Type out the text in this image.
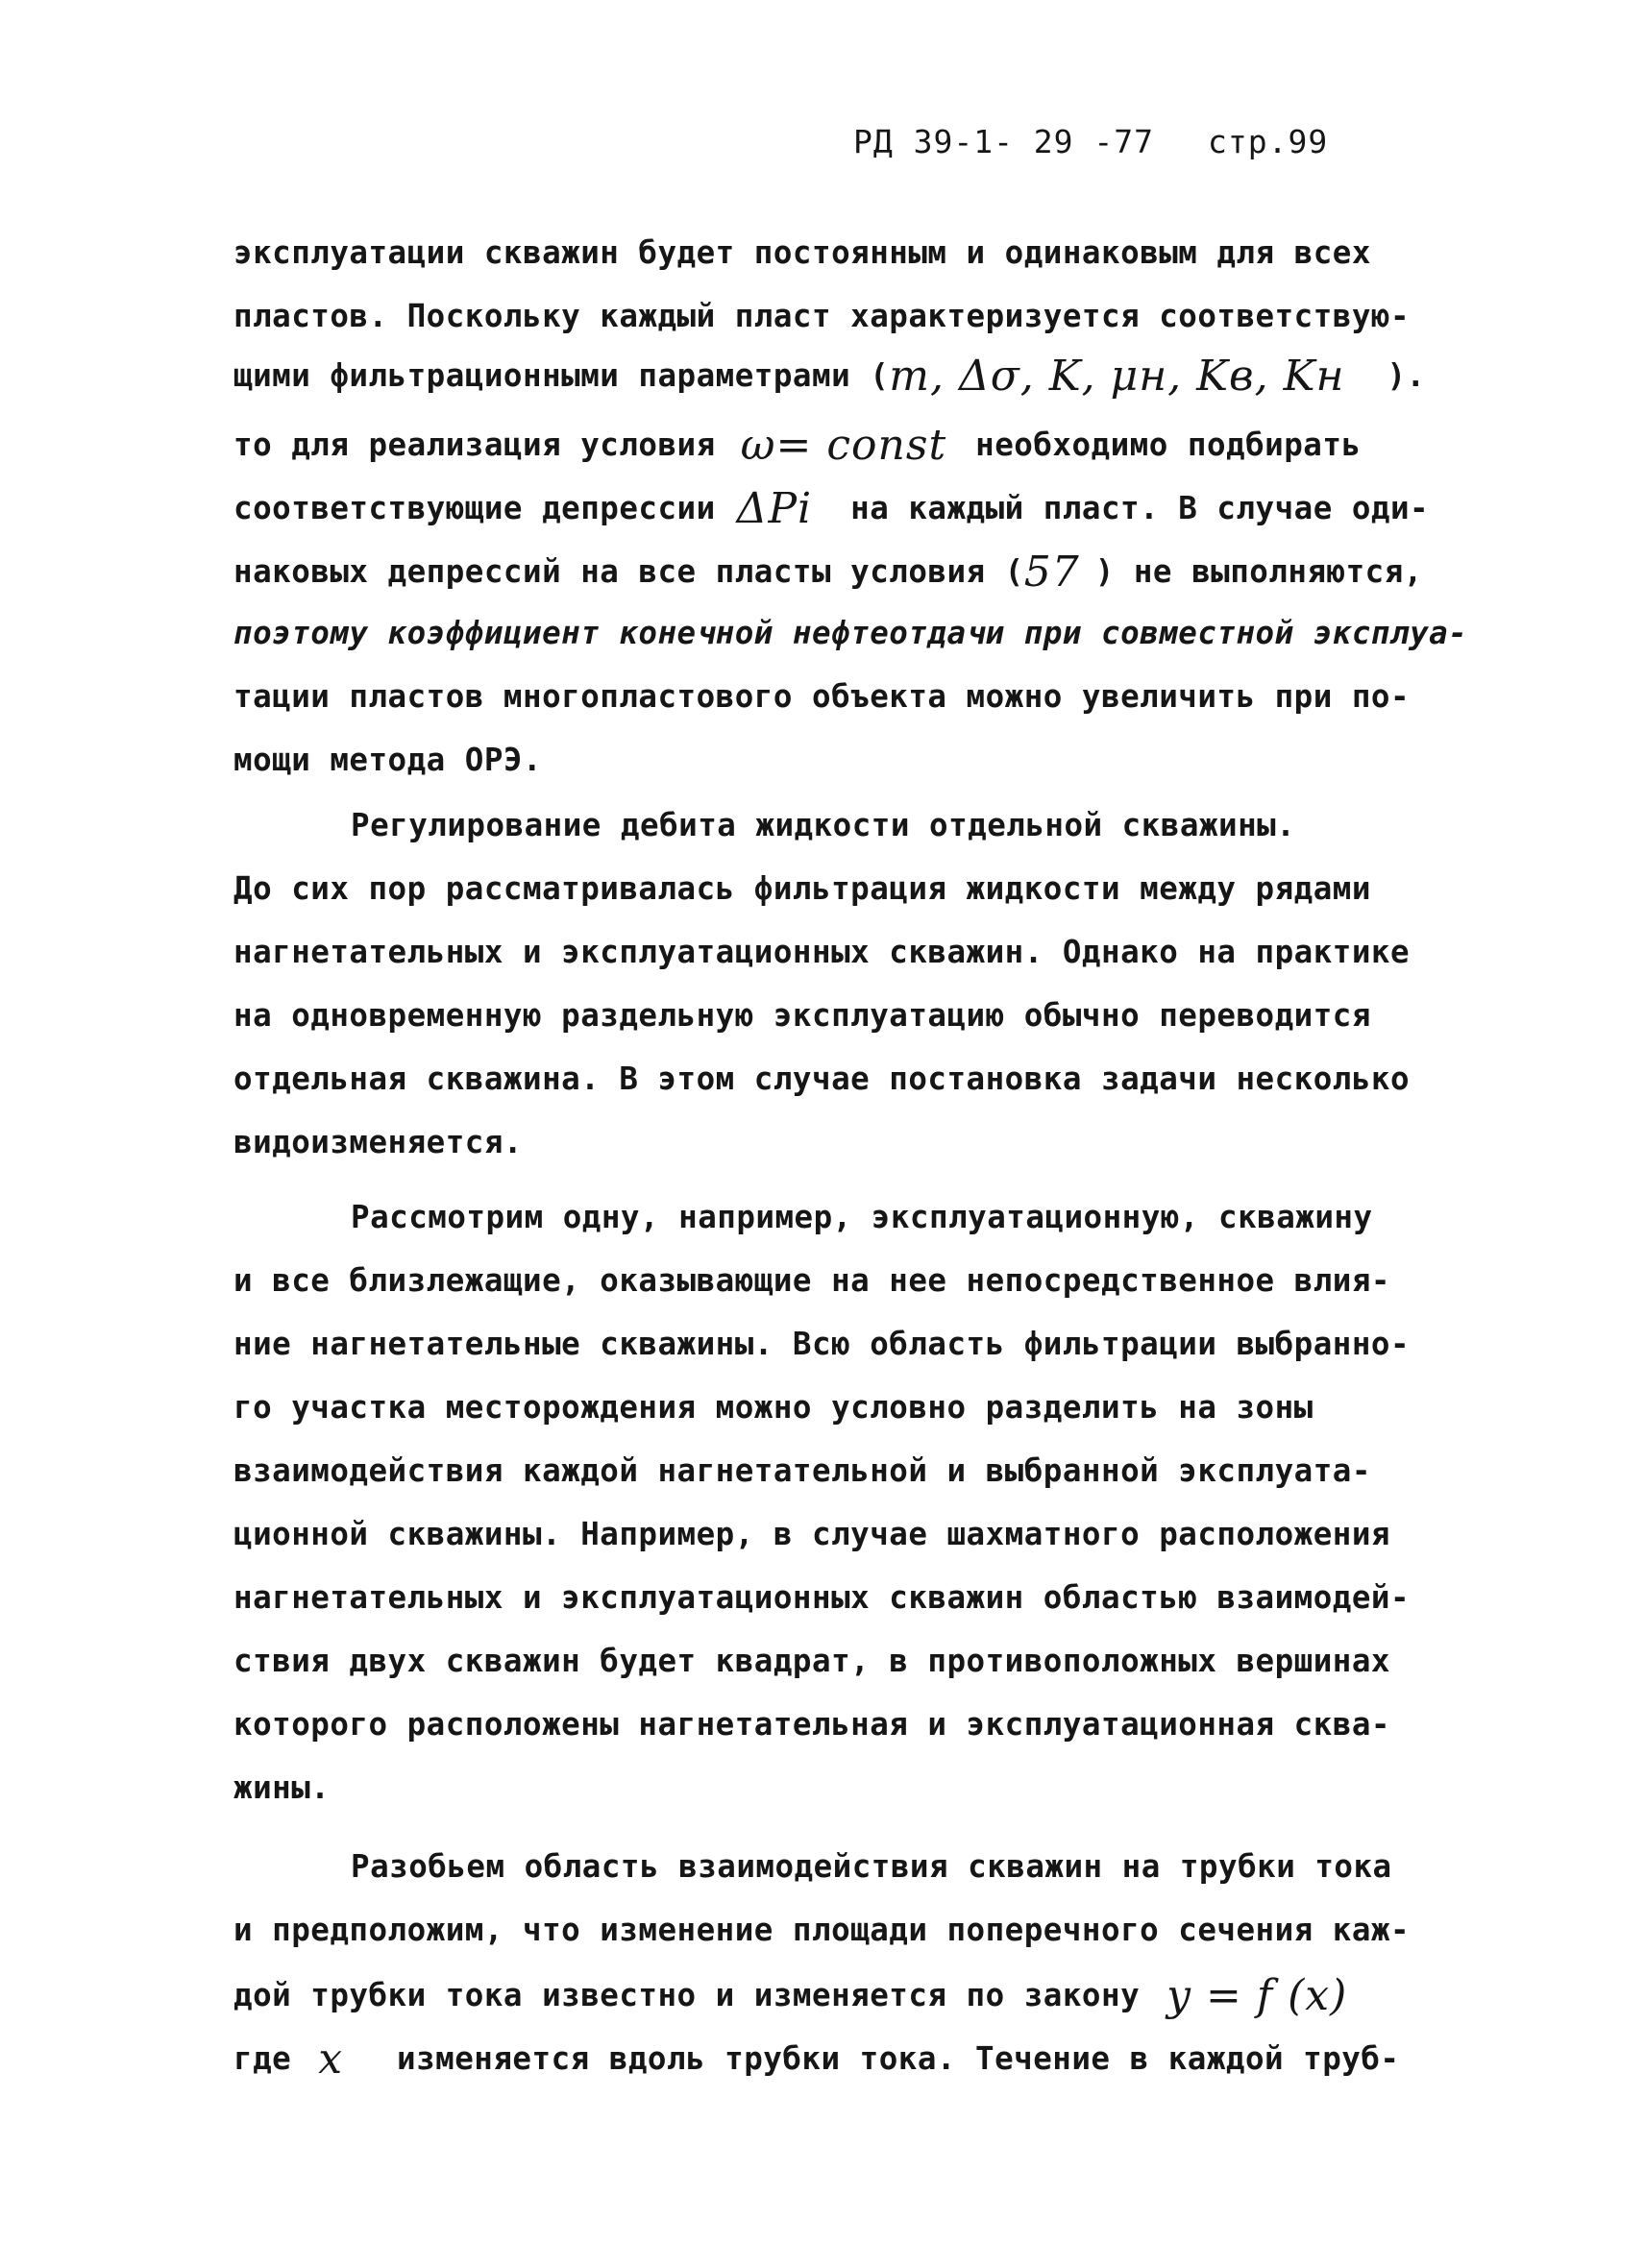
РД 39-1- 29 -77 стр.99
эксплуатации скважин будет постоянным и одинаковым для всех
пластов. Поскольку каждый пласт характеризуется соответствую-
щими фильтрационными параметрами (m, Δσ, K, μн, Kв, Kн ).
то для реализация условия ω= const необходимо подбирать
соответствующие депрессии ΔPi на каждый пласт. В случае оди-
наковых депрессий на все пласты условия (57 ) не выполняются,
поэтому коэффициент конечной нефтеотдачи при совместной эксплуа-
тации пластов многопластового объекта можно увеличить при по-
мощи метода ОРЭ.
Регулирование дебита жидкости отдельной скважины.
До сих пор рассматривалась фильтрация жидкости между рядами
нагнетательных и эксплуатационных скважин. Однако на практике
на одновременную раздельную эксплуатацию обычно переводится
отдельная скважина. В этом случае постановка задачи несколько
видоизменяется.
Рассмотрим одну, например, эксплуатационную, скважину
и все близлежащие, оказывающие на нее непосредственное влия-
ние нагнетательные скважины. Всю область фильтрации выбранно-
го участка месторождения можно условно разделить на зоны
взаимодействия каждой нагнетательной и выбранной эксплуата-
ционной скважины. Например, в случае шахматного расположения
нагнетательных и эксплуатационных скважин областью взаимодей-
ствия двух скважин будет квадрат, в противоположных вершинах
которого расположены нагнетательная и эксплуатационная сква-
жины.
Разобьем область взаимодействия скважин на трубки тока
и предположим, что изменение площади поперечного сечения каж-
дой трубки тока известно и изменяется по закону y = f (x)
где x изменяется вдоль трубки тока. Течение в каждой труб-
